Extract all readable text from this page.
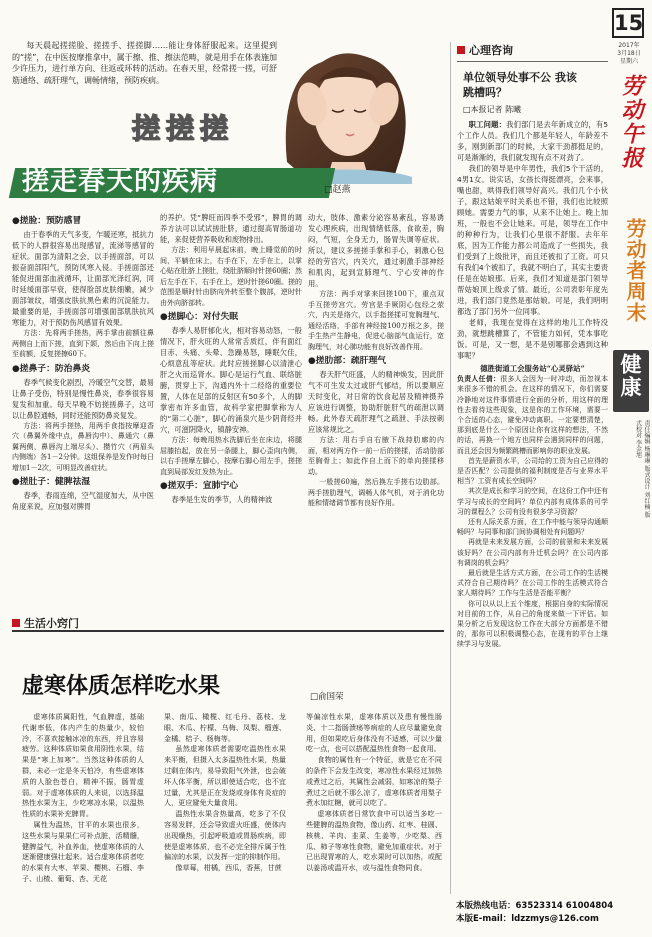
15
2017年
3月18日
星期六
劳动午报
劳动者周末
健康
责任编辑 杨琳琳 版式设计 刘红楠 版式校对 李金旭
每天晨起搓搓脸、搓搓手、搓搓脚……能让身体舒服起来。这里提到的“搓”，在中医按摩推拿中，属于擦、推、擦法范畴，就是用手在体表施加少许压力，进行单方向、往返或环转的活动。在春天里，经常搓一搓，可舒筋通络、疏肝理气，调畅情绪，预防疾病。
搓搓搓
搓走春天的疾病	□赵燕
●搓脸：预防感冒

由于春季的天气多变，乍暖还寒，抵抗力低下的人群很容易出现感冒，流涕等感冒的症状。面部为清阳之会，以手搓面部，可以振奋面部阳气，预防风寒入侵。手搓面部还能促进面部血液循环，让面部光泽红润，同时延缓面部早衰，使得脸部皮肤细嫩，减少面部皱纹，增强皮肤抗黑色素的沉淀能力。最重要的是，手搓面部可增强面部肌肤抗风寒能力，对于预防伤风感冒有效果。

方法：先将两手搓热，两手掌由前额往鼻两侧自上而下搓，直到下颌，然后由下向上搓至前额，反复搓擦60下。

●搓鼻子：防治鼻炎

春季气候变化剧烈，冷暖空气交替，最易让鼻子受伤，特别是慢性鼻炎，春季很容易复发和加重。每天早晚不妨搓搓鼻子，这可以让鼻腔通畅，同时还能预防鼻炎复发。

方法：将两手搓热，用两手食指按摩迎香穴（鼻翼外缘中点，鼻唇沟中）、鼻通穴（鼻翼两侧，鼻唇沟上端尽头）、攒竹穴（两眉头内侧端）各1－2分钟。这组保养是发作时每日增加1－2次，可明显改善症状。

●搓肚子：健脾祛湿

春季，春雨连绵，空气湿度加大，从中医角度来说，应加强对脾胃

的养护。凭“脾旺而四季不受邪”，脾胃的调养方法可以试试搓肚脐，通过提高胃肠道功能，来促使营养吸收和废物排出。

方法：利用早晨起床前，晚上睡觉前的时间，平躺在床上，右手在下，左手在上，以掌心贴在肚脐上搓肚，绕肚脐顺时针搓60圈；然后左手在下，右手在上，逆时针搓60圈。搓的范围是顺时针由脐向外转至整个腹部，逆时针由外向脐部转。

●搓脚心：对付失眠

春季人易肝郁化火，相对容易动怒，一般情况下，肝火旺的人常常舌质红，伴有面红目赤、头痛、头晕、急躁易怒，睡眠欠佳，心烦意乱等症状。此时应搓搓脚心以清泄心肝之火而巡肾水。脚心是运行气血、联络脏腑，贯穿上下，沟通内外十二经络的重要位置，人体在足部的反射区有50多个，人的脚掌密布许多血管，故科学家把脚掌称为人的“第二心脏”，脚心的涌泉穴是少阴肾经并穴，可滋阴降火，镇静安神。

方法：每晚用热水洗脚后坐在床边，将腿屈膝抬起，放在另一条腿上，脚心歪向内侧，以右手搓摩左脚心，按摩右脚心用左手，搓搓直到局部发红发热为止。

●搓双手：宣肺宁心

春季是生发的季节，人的精神波

动大，肢体、激素分泌容易紊乱，容易诱发心理疾病，出现情绪低落，食欲差，胸闷，气短，全身无力，肠胃失调等症状。所以，建议多搓搓手掌和手心，刺激心包经的劳宫穴，内关穴，通过刺激手部神经和肌肉，起到宣肺理气、宁心安神的作用。

方法：两手对掌来回搓100下，重点双手互搓劳宫穴。劳宫是手厥阴心包经之荥穴，内关是络穴，以手指搓揉可宽胸理气、通经活络，手部有神经接100万根之多，搓手生热产生静电，促进心脑部气血运行，宽胸理气，对心肺功能有良好改善作用。

●搓肋部：疏肝理气

春天肝气旺盛，人的精神焕发，因此肝气不可生发太过或肝气郁结，所以要顺应天时变化，对日常的饮食起居及精神摄养应该进行调整，协助肝脏肝气的疏泄以调畅。此外春天疏肝理气之疏泄、手法按刺应该常规比之。

方法：用右手自右腋下战持肋廓的内面，相对两方作一前一后的搓揉，活动肋部至胸骨上；如此作自上而下的单向搓揉移动。

一般搓60遍，然后换左手搓右边肋部。两手搓肋理气，调畅人体气机，对于消化功能和情绪调节都有良好作用。

心理咨询
单位领导处事不公 我该跳槽吗？
□本报记者 陈曦

职工问题：我们部门是去年新成立的，有5个工作人员。我们几个都是年轻人，年龄差不多，刚到新部门的时候，大家干劲都挺足的，可是渐渐的，我们就发现有点不对劲了。

我们的领导是中年男性，我们5个干活的，4男1女。说实话，女孩长得挺漂亮，会来事，嘴也甜，哄得我们领导好高兴。我们几个小伙子，跟这姑娘平时关系也不错，我们也比较照顾她。需要力气的事，从来不让她上。晚上加班，一般也不会让她来。可是，领导在工作中的种种行为，让我们心里很不舒服。去年年底，因为工作能力都公司造成了一些损失，我们受到了上级批评，而且还被扣了工资。可只有我们4个被扣了，我就不明白了，其实主要责任是在姑娘那。后来，我们才知道是部门领导帮姑娘顶上级求了情。最近，公司表彰年度先进，我们部门竟然是那姑娘。可是，我们明明都选了部门另外一位同事。

老师，我现在觉得在这样的地儿工作特没劲，就想跳槽算了，不管能力如何，凭本事吃饭。可是，又一想，是不是别哪都会遇到这种事呢？

德胜街道工会服务站“心灵驿站”

负责人任倩：很多人会因为一时冲动，而忽视本来很多不错的机会。在这样的情况下，你们需要冷静地对这件事情进行全面的分析，用这样的理性去看待这些现象，这是你的工作环境，需要一个合适的心态，避免冲动离职。一定要想清楚，那到底是什么一个原因让你有这样的想法，不然的话，再换一个地方也同样会遇到同样的问题，而且还会因为频繁跳槽而影响你的职业发展。

首先是薪资水平，公司给的工资为自己应得的是否匹配？公司提供的福利制度是否与业界水平相当？工资有成长空间吗？

其次是成长和学习的空间，在这份工作中还有学习与成长的空间吗？单位内部有成体系的可学习的课程么？公司有没有很多学习资源？

还有人际关系方面，在工作中能与领导沟通顺畅吗？与同事和部门间协调相处有问题吗？

再就是未来发展方面，公司的前景和未来发展该好吗？在公司内部有升迁机会吗？在公司内部有调岗的机会吗？

最后就是生活方式方面，在公司工作的生活模式符合自己期待吗？在公司工作的生活模式符合家人期待吗？工作与生活是否能平衡？

你可以从以上五个维度，根据自身的实际情况对目前的工作，从自己的角度来做一下评估。如果分析之后发现这份工作在大部分方面都是不错的，那你可以积极调整心态，在现有的平台上继续学习与发展。

本版热线电话：63523314 61004804
本版E-mail：ldzzmys@126.com
生活小窍门
虚寒体质怎样吃水果	□俞国荣

虚寒体质属阳性，气血脾虚，基础代谢率低，体内产生的热量少，较怕冷，不喜欢接触冰凉的东西，并且容易疲劳。这种体质如果食用阴性水果，结果是“寒上加寒”。当然这种体质的人群，未必一定是冬天怕冷，有些虚寒体质的人脸色苍白，精神不振，肠胃虚弱。对于虚寒体质的人来说，以选择温热性水果为主，少吃寒凉水果，以温热性质的水果补充脾胃。

属性为温热，甘平的水果也很多，这些水果与果果仁可补点脏，活精髓，健脾益气，补血养血，使虚寒体质的人逐渐健康强壮起来。适合虚寒体质者吃的水果有大枣、苹果、樱桃、石榴、李子、山楂、葡萄、杏、无花

果、南瓜、橄榄、红毛丹、荔枝、龙眼、木瓜、柠檬、乌梅、凤梨、榴莲、金橘、桔子、杨梅等。

虽然虚寒体质者需要吃温热性水果来平衡，但摄入太多温热性水果，热量过剩在体内，易导致阳气外泄，也会破坏人体平衡，所以即使适合吃，也不宜过量，尤其是正在发烧或身体有炎症的人，更应避免大量食用。

温热性水果含热量高，吃多了不仅容易发胖，还会导致虚火旺盛，使体内出现燥热，引起呼吸道或胃肠疾病，即使是虚寒体质，也不必完全排斥属于性偏凉的水果，以发挥一定的抑制作用。

像草莓，柑橘，西瓜，香蕉，甘蔗

等偏凉性水果，虚寒体质以及患有慢性肠炎、十二指肠溃疡等病症的人应尽量避免食用，但如果吃后身体没有不适感，可以少量吃一点，也可以搭配温热性食物一起食用。

食物的属性有一个特征，就是它在不同的条件下会发生改变，寒凉性水果经过加热或煮过之后，其属性会减弱，如寒凉的梨子煮过之后就不那么凉了，虚寒体质者用梨子煮水加红糖，就可以吃了。

虚寒体质者日常饮食中可以适当多吃一些健脾的温热食物，像山药、红枣、桂圆、核桃、羊肉、韭菜、生姜等，少吃梨、西瓜、柿子等寒性食物，避免加重症状。对于已出现胃寒的人，吃水果时可以加热，或配以姜汤或温开水，或与温性食物同食。
